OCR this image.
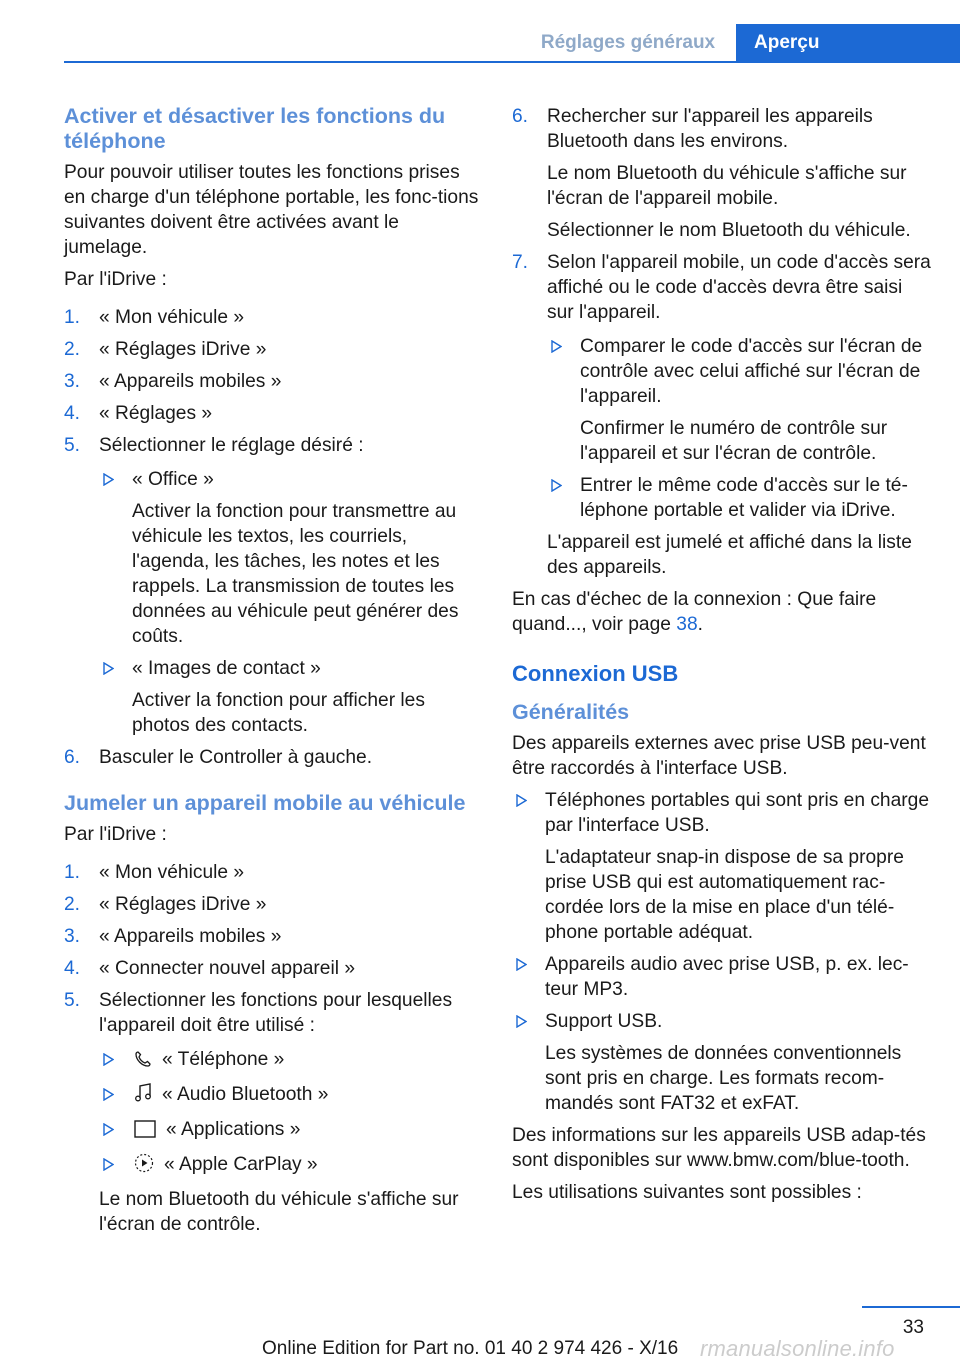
Réglages généraux	Aperçu
Activer et désactiver les fonctions du téléphone

Pour pouvoir utiliser toutes les fonctions prises en charge d'un téléphone portable, les fonc-tions suivantes doivent être activées avant le jumelage.

Par l'iDrive :

1. « Mon véhicule »
2. « Réglages iDrive »
3. « Appareils mobiles »
4. « Réglages »
5. Sélectionner le réglage désiré :
« Office »

Activer la fonction pour transmettre au véhicule les textos, les courriels, l'agenda, les tâches, les notes et les rappels. La transmission de toutes les données au véhicule peut générer des coûts.

« Images de contact »

Activer la fonction pour afficher les photos des contacts.

6. Basculer le Controller à gauche.
Jumeler un appareil mobile au véhicule

Par l'iDrive :

1. « Mon véhicule »
2. « Réglages iDrive »
3. « Appareils mobiles »
4. « Connecter nouvel appareil »
5. Sélectionner les fonctions pour lesquelles l'appareil doit être utilisé :
« Téléphone »
« Audio Bluetooth »
« Applications »
« Apple CarPlay »

Le nom Bluetooth du véhicule s'affiche sur l'écran de contrôle.

6. Rechercher sur l'appareil les appareils Bluetooth dans les environs.

Le nom Bluetooth du véhicule s'affiche sur l'écran de l'appareil mobile.

Sélectionner le nom Bluetooth du véhicule.

7. Selon l'appareil mobile, un code d'accès sera affiché ou le code d'accès devra être saisi sur l'appareil.
Comparer le code d'accès sur l'écran de contrôle avec celui affiché sur l'écran de l'appareil.

Confirmer le numéro de contrôle sur l'appareil et sur l'écran de contrôle.

Entrer le même code d'accès sur le té-léphone portable et valider via iDrive.

L'appareil est jumelé et affiché dans la liste des appareils.

En cas d'échec de la connexion : Que faire quand..., voir page 38.

Connexion USB
Généralités

Des appareils externes avec prise USB peu-vent être raccordés à l'interface USB.

Téléphones portables qui sont pris en charge par l'interface USB.

L'adaptateur snap-in dispose de sa propre prise USB qui est automatiquement rac-cordée lors de la mise en place d'un télé-phone portable adéquat.

Appareils audio avec prise USB, p. ex. lec-teur MP3.
Support USB.

Les systèmes de données conventionnels sont pris en charge. Les formats recom-mandés sont FAT32 et exFAT.

Des informations sur les appareils USB adap-tés sont disponibles sur www.bmw.com/blue-tooth.

Les utilisations suivantes sont possibles :

33
Online Edition for Part no. 01 40 2 974 426 - X/16 rmanualsonline.info
